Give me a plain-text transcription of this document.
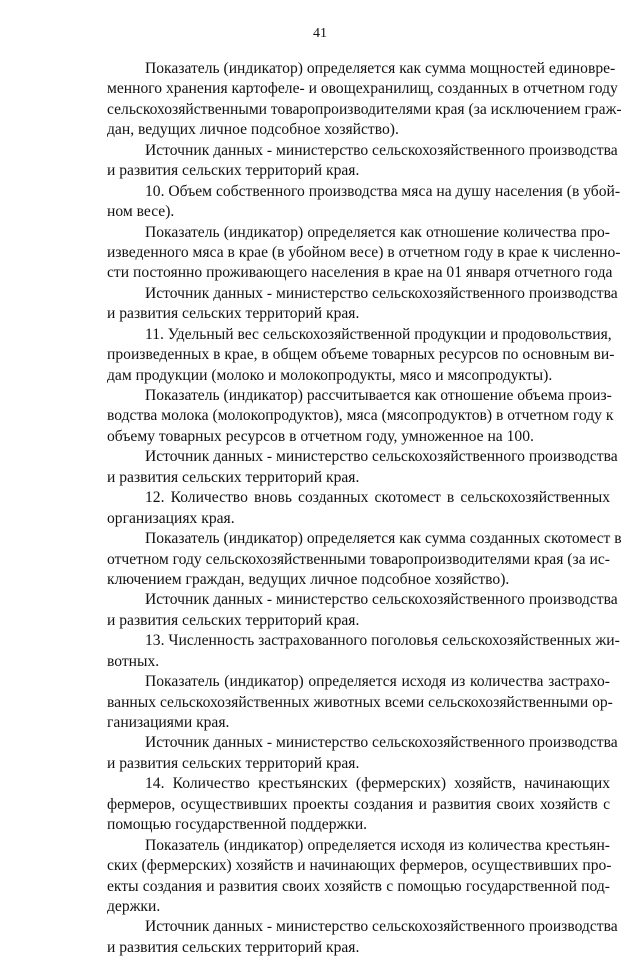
41
Показатель (индикатор) определяется как сумма мощностей единовре-
менного хранения картофеле- и овощехранилищ, созданных в отчетном году
сельскохозяйственными товаропроизводителями края (за исключением граж-
дан, ведущих личное подсобное хозяйство).
Источник данных - министерство сельскохозяйственного производства
и развития сельских территорий края.
10. Объем собственного производства мяса на душу населения (в убой-
ном весе).
Показатель (индикатор) определяется как отношение количества про-
изведенного мяса в крае (в убойном весе) в отчетном году в крае к численно-
сти постоянно проживающего населения в крае на 01 января отчетного года
Источник данных - министерство сельскохозяйственного производства
и развития сельских территорий края.
11. Удельный вес сельскохозяйственной продукции и продовольствия,
произведенных в крае, в общем объеме товарных ресурсов по основным ви-
дам продукции (молоко и молокопродукты, мясо и мясопродукты).
Показатель (индикатор) рассчитывается как отношение объема произ-
водства молока (молокопродуктов), мяса (мясопродуктов) в отчетном году к
объему товарных ресурсов в отчетном году, умноженное на 100.
Источник данных - министерство сельскохозяйственного производства
и развития сельских территорий края.
12. Количество вновь созданных скотомест в сельскохозяйственных
организациях края.
Показатель (индикатор) определяется как сумма созданных скотомест в
отчетном году сельскохозяйственными товаропроизводителями края (за ис-
ключением граждан, ведущих личное подсобное хозяйство).
Источник данных - министерство сельскохозяйственного производства
и развития сельских территорий края.
13. Численность застрахованного поголовья сельскохозяйственных жи-
вотных.
Показатель (индикатор) определяется исходя из количества застрахо-
ванных сельскохозяйственных животных всеми сельскохозяйственными ор-
ганизациями края.
Источник данных - министерство сельскохозяйственного производства
и развития сельских территорий края.
14. Количество крестьянских (фермерских) хозяйств, начинающих
фермеров, осуществивших проекты создания и развития своих хозяйств с
помощью государственной поддержки.
Показатель (индикатор) определяется исходя из количества крестьян-
ских (фермерских) хозяйств и начинающих фермеров, осуществивших про-
екты создания и развития своих хозяйств с помощью государственной под-
держки.
Источник данных - министерство сельскохозяйственного производства
и развития сельских территорий края.
